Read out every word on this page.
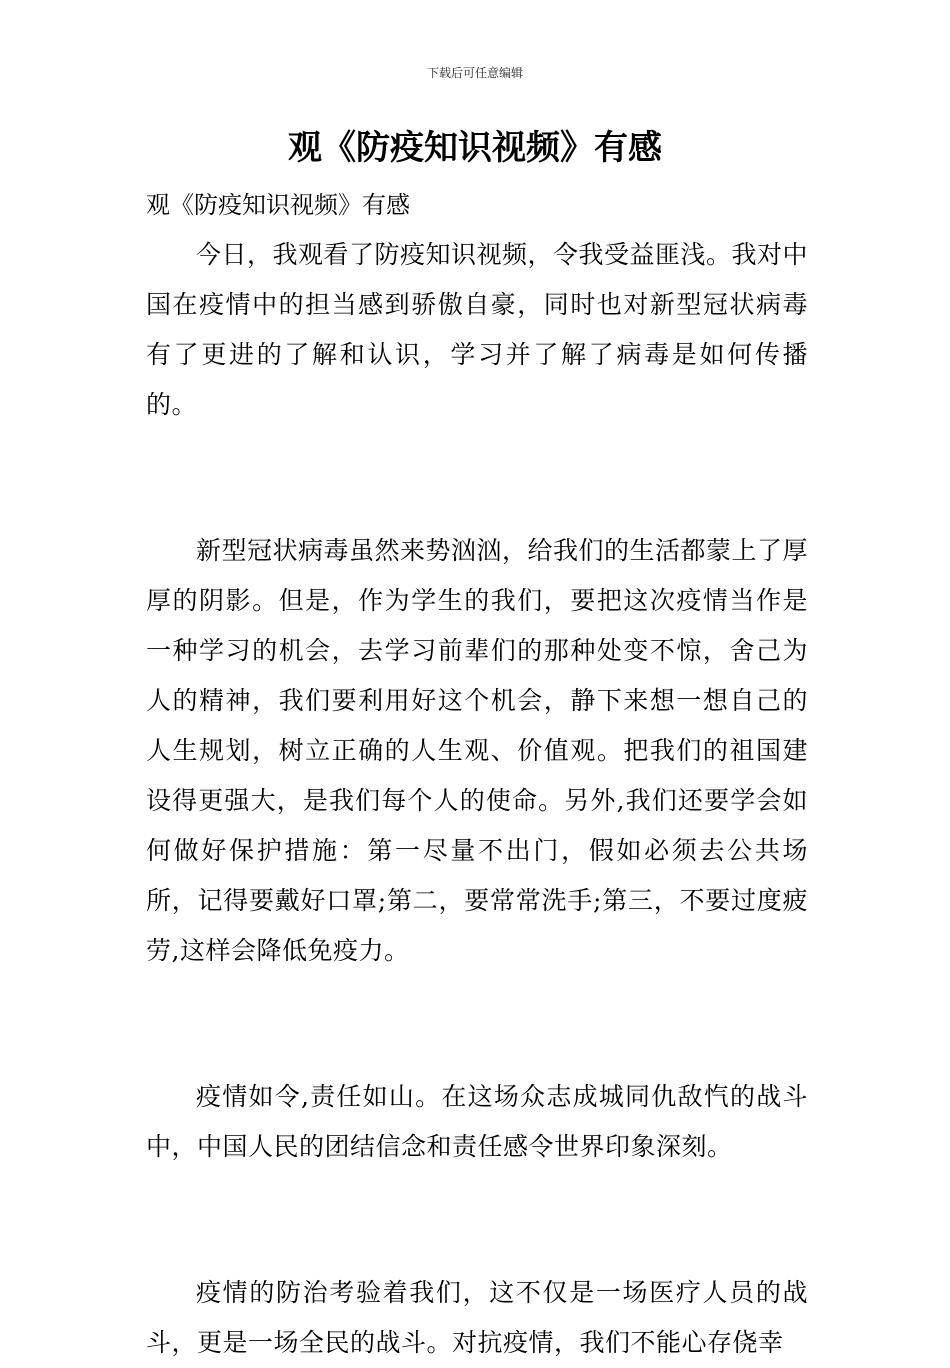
下载后可任意编辑
观《防疫知识视频》有感

观《防疫知识视频》有感

今日，我观看了防疫知识视频，令我受益匪浅。我对中国在疫情中的担当感到骄傲自豪，同时也对新型冠状病毒有了更进的了解和认识，学习并了解了病毒是如何传播的。

新型冠状病毒虽然来势汹汹，给我们的生活都蒙上了厚厚的阴影。但是，作为学生的我们，要把这次疫情当作是一种学习的机会，去学习前辈们的那种处变不惊，舍己为人的精神，我们要利用好这个机会，静下来想一想自己的人生规划，树立正确的人生观、价值观。把我们的祖国建设得更强大，是我们每个人的使命。另外,我们还要学会如何做好保护措施：第一尽量不出门，假如必须去公共场所，记得要戴好口罩;第二，要常常洗手;第三，不要过度疲劳,这样会降低免疫力。

疫情如令,责任如山。在这场众志成城同仇敌忾的战斗中，中国人民的团结信念和责任感令世界印象深刻。

疫情的防治考验着我们，这不仅是一场医疗人员的战斗，更是一场全民的战斗。对抗疫情，我们不能心存侥幸
